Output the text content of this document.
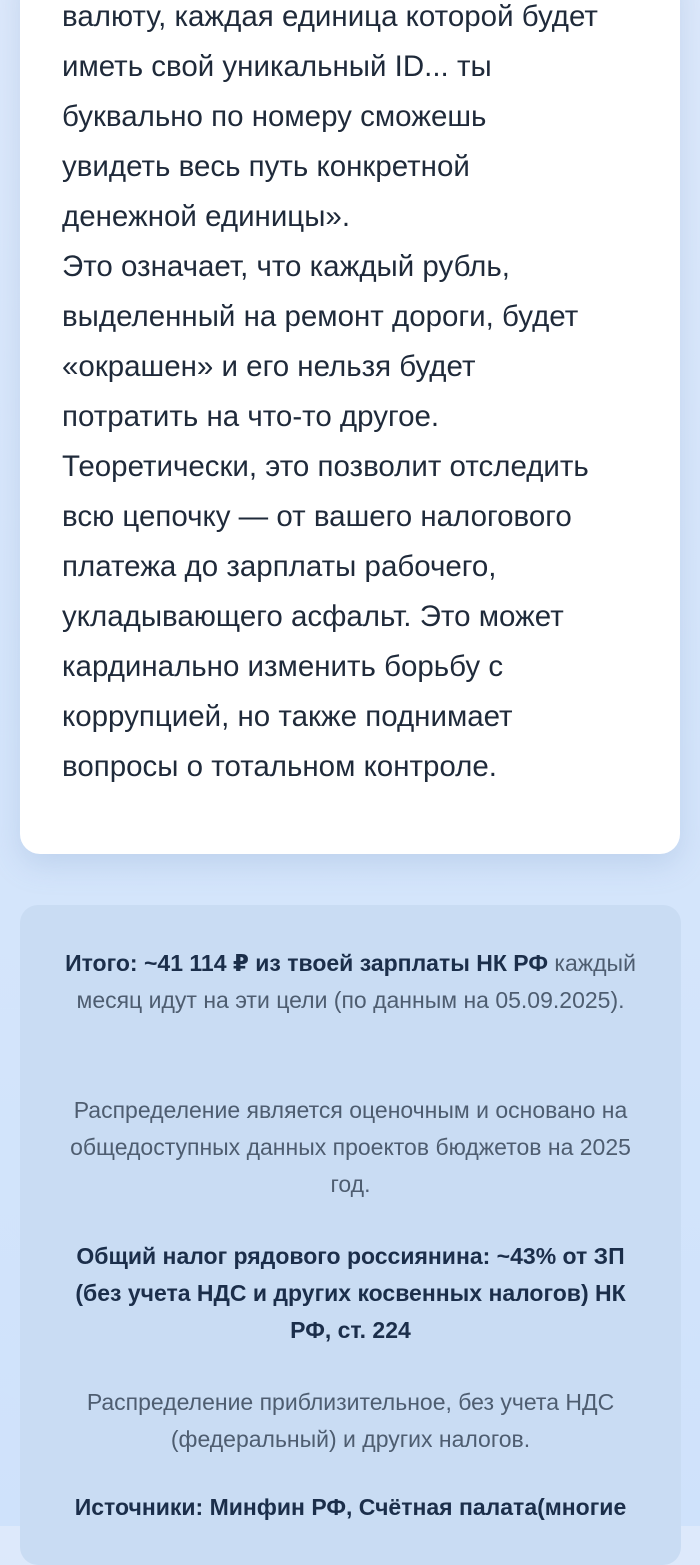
валюту, каждая единица которой будет
иметь свой уникальный ID... ты
буквально по номеру сможешь
увидеть весь путь конкретной
денежной единицы».
Это означает, что каждый рубль,
выделенный на ремонт дороги, будет
«окрашен» и его нельзя будет
потратить на что-то другое.
Теоретически, это позволит отследить
всю цепочку — от вашего налогового
платежа до зарплаты рабочего,
укладывающего асфальт. Это может
кардинально изменить борьбу с
коррупцией, но также поднимает
вопросы о тотальном контроле.

Итого: ~41 114 ₽ из твоей зарплаты НК РФ каждый месяц идут на эти цели (по данным на 05.09.2025).

Распределение является оценочным и основано на общедоступных данных проектов бюджетов на 2025 год.

Общий налог рядового россиянина: ~43% от ЗП (без учета НДС и других косвенных налогов) НК РФ, ст. 224

Распределение приблизительное, без учета НДС (федеральный) и других налогов.

Источники: Минфин РФ, Счётная палата(многие
